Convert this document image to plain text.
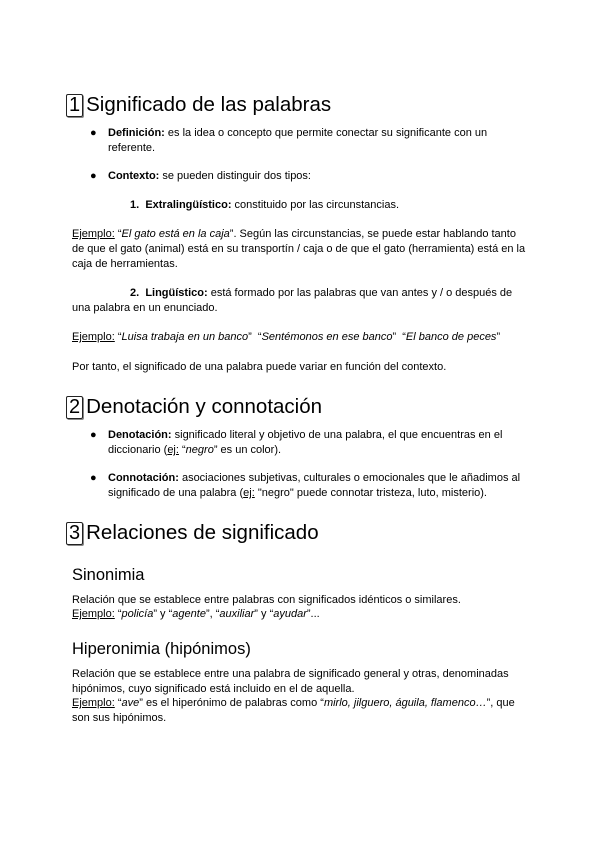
1 Significado de las palabras
● Definición: es la idea o concepto que permite conectar su significante con un referente.

● Contexto: se pueden distinguir dos tipos:

1. Extralingüístico: constituido por las circunstancias.

Ejemplo: “El gato está en la caja”. Según las circunstancias, se puede estar hablando tanto de que el gato (animal) está en su transportín / caja o de que el gato (herramienta) está en la caja de herramientas.

2. Lingüístico: está formado por las palabras que van antes y / o después de una palabra en un enunciado.

Ejemplo: “Luisa trabaja en un banco”  “Sentémonos en ese banco”  “El banco de peces”

Por tanto, el significado de una palabra puede variar en función del contexto.

2 Denotación y connotación
● Denotación: significado literal y objetivo de una palabra, el que encuentras en el diccionario (ej: “negro” es un color).

● Connotación: asociaciones subjetivas, culturales o emocionales que le añadimos al significado de una palabra (ej: "negro" puede connotar tristeza, luto, misterio).

3 Relaciones de significado
Sinonimia

Relación que se establece entre palabras con significados idénticos o similares.

Ejemplo: “policía” y “agente”, “auxiliar” y “ayudar”...

Hiperonimia (hipónimos)

Relación que se establece entre una palabra de significado general y otras, denominadas hipónimos, cuyo significado está incluido en el de aquella.

Ejemplo: “ave” es el hiperónimo de palabras como “mirlo, jilguero, águila, flamenco…”, que son sus hipónimos.
